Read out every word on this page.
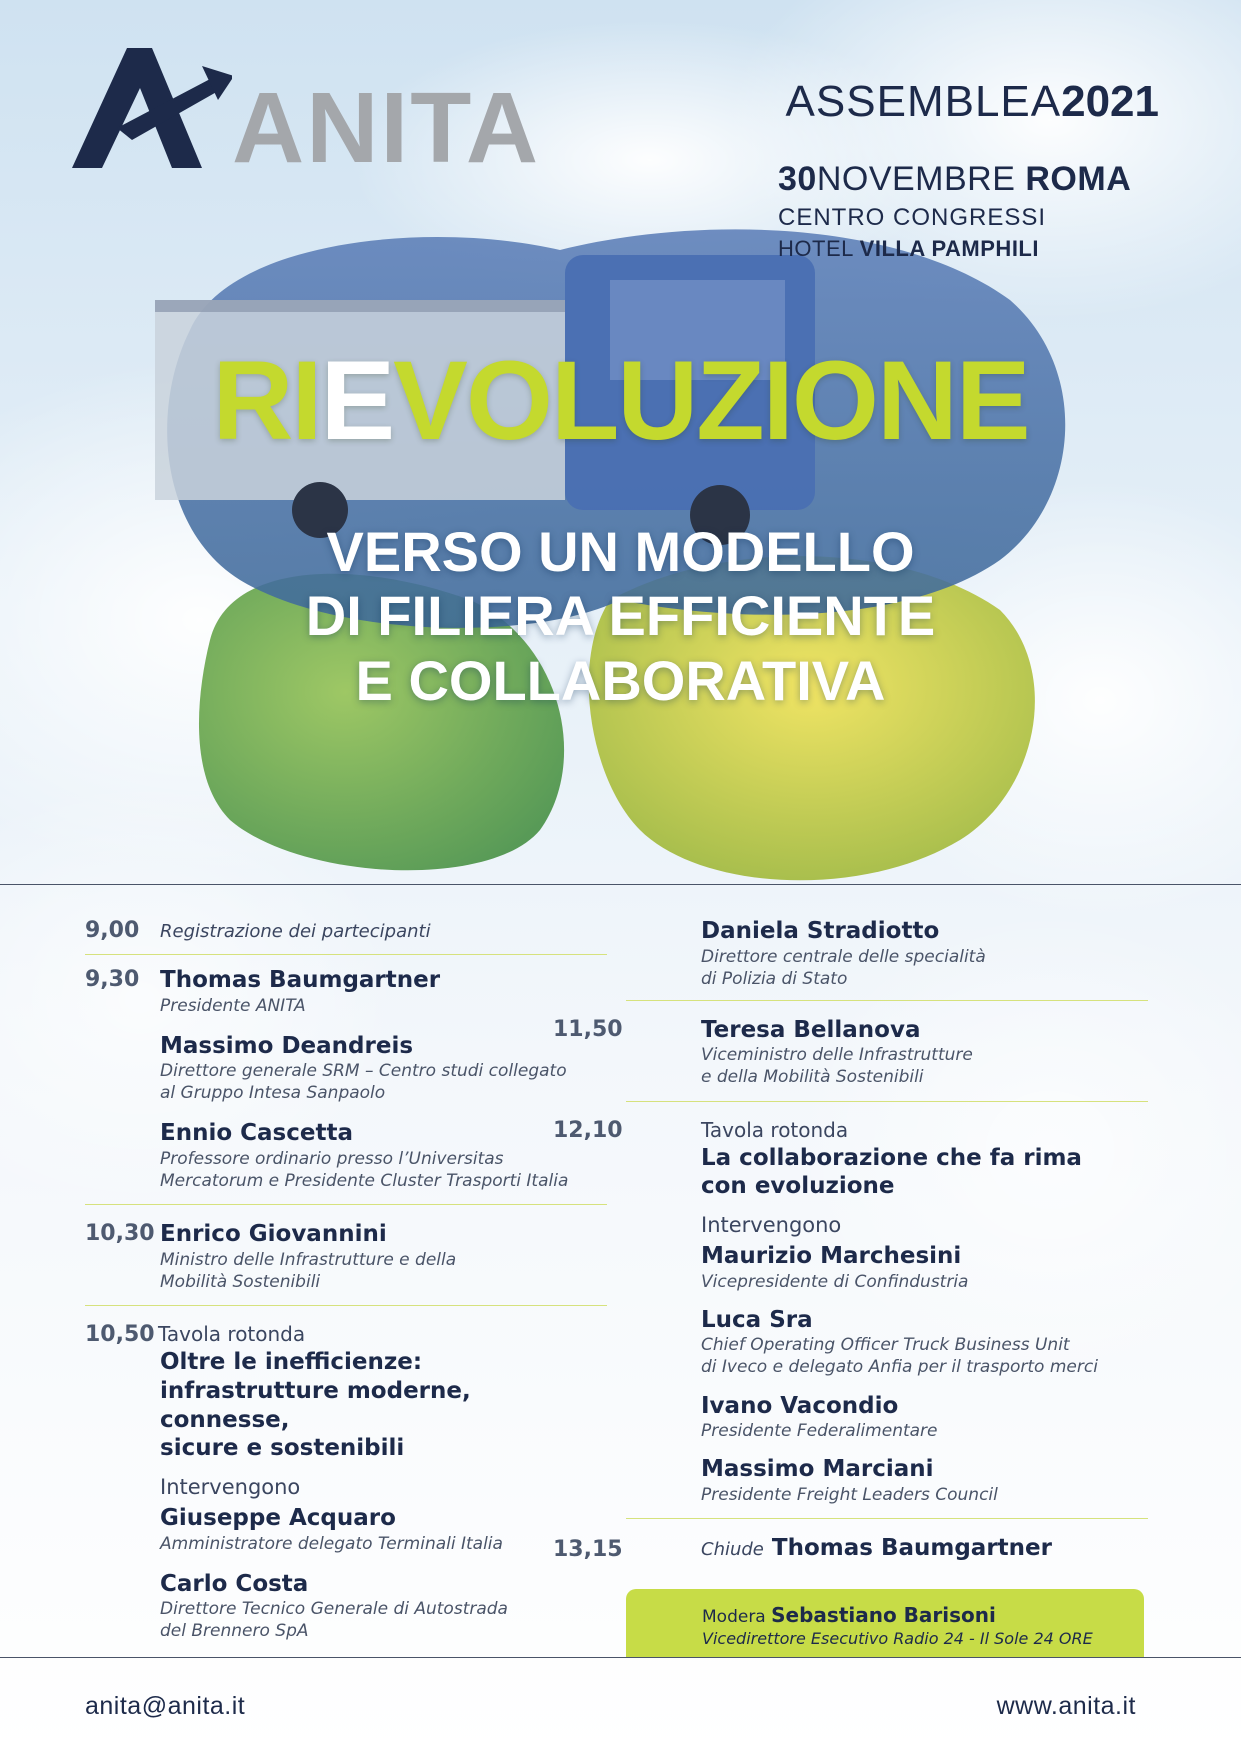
ANITA	ASSEMBLEA2021
30NOVEMBRE ROMA
CENTRO CONGRESSI
HOTEL VILLA PAMPHILI
RIEVOLUZIONE
VERSO UN MODELLO
DI FILIERA EFFICIENTE
E COLLABORATIVA
9,00 Registrazione dei partecipanti
9,30 Thomas Baumgartner
Presidente ANITA
Massimo Deandreis
Direttore generale SRM – Centro studi collegato
al Gruppo Intesa Sanpaolo
Ennio Cascetta
Professore ordinario presso l’Universitas
Mercatorum e Presidente Cluster Trasporti Italia
10,30 Enrico Giovannini
Ministro delle Infrastrutture e della
Mobilità Sostenibili
10,50 Tavola rotonda
Oltre le inefficienze:
infrastrutture moderne, connesse,
sicure e sostenibili
Intervengono
Giuseppe Acquaro
Amministratore delegato Terminali Italia
Carlo Costa
Direttore Tecnico Generale di Autostrada
del Brennero SpA
Daniela Stradiotto
Direttore centrale delle specialità
di Polizia di Stato
11,50	Teresa Bellanova
Viceministro delle Infrastrutture
e della Mobilità Sostenibili
12,10	Tavola rotonda
La collaborazione che fa rima
con evoluzione
Intervengono
Maurizio Marchesini
Vicepresidente di Confindustria
Luca Sra
Chief Operating Officer Truck Business Unit
di Iveco e delegato Anfia per il trasporto merci
Ivano Vacondio
Presidente Federalimentare
Massimo Marciani
Presidente Freight Leaders Council
13,15	Chiude Thomas Baumgartner
Modera Sebastiano Barisoni
Vicedirettore Esecutivo Radio 24 - Il Sole 24 ORE
anita@anita.it	www.anita.it
